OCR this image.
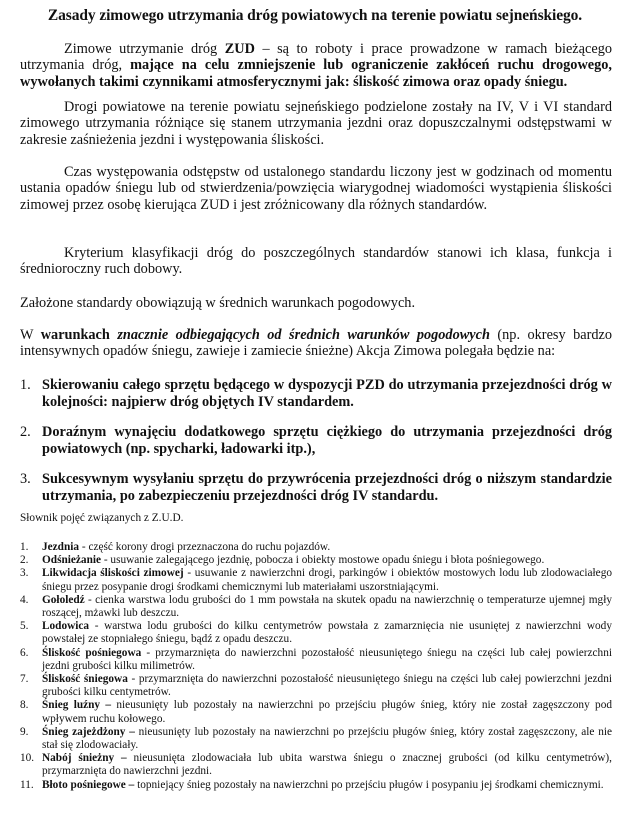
Zasady zimowego utrzymania dróg powiatowych na terenie powiatu sejneńskiego.
Zimowe utrzymanie dróg ZUD – są to roboty i prace prowadzone w ramach bieżącego utrzymania dróg, mające na celu zmniejszenie lub ograniczenie zakłóceń ruchu drogowego, wywołanych takimi czynnikami atmosferycznymi jak: śliskość zimowa oraz opady śniegu.
Drogi powiatowe na terenie powiatu sejneńskiego podzielone zostały na IV, V i VI standard zimowego utrzymania różniące się stanem utrzymania jezdni oraz dopuszczalnymi odstępstwami w zakresie zaśnieżenia jezdni i występowania śliskości.
Czas występowania odstępstw od ustalonego standardu liczony jest w godzinach od momentu ustania opadów śniegu lub od stwierdzenia/powzięcia wiarygodnej wiadomości wystąpienia śliskości zimowej przez osobę kierująca ZUD i jest zróżnicowany dla różnych standardów.
Kryterium klasyfikacji dróg do poszczególnych standardów stanowi ich klasa, funkcja i średnioroczny ruch dobowy.
Założone standardy obowiązują w średnich warunkach pogodowych.
W warunkach znacznie odbiegających od średnich warunków pogodowych (np. okresy bardzo intensywnych opadów śniegu, zawieje i zamiecie śnieżne) Akcja Zimowa polegała będzie na:
1. Skierowaniu całego sprzętu będącego w dyspozycji PZD do utrzymania przejezdności dróg w kolejności: najpierw dróg objętych IV standardem.
2. Doraźnym wynajęciu dodatkowego sprzętu ciężkiego do utrzymania przejezdności dróg powiatowych (np. spycharki, ładowarki itp.),
3. Sukcesywnym wysyłaniu sprzętu do przywrócenia przejezdności dróg o niższym standardzie utrzymania, po zabezpieczeniu przejezdności dróg IV standardu.
Słownik pojęć związanych z Z.U.D.
1. Jezdnia - część korony drogi przeznaczona do ruchu pojazdów.
2. Odśnieżanie - usuwanie zalegającego jezdnię, pobocza i obiekty mostowe opadu śniegu i błota pośniegowego.
3. Likwidacja śliskości zimowej - usuwanie z nawierzchni drogi, parkingów i obiektów mostowych lodu lub zlodowaciałego śniegu przez posypanie drogi środkami chemicznymi lub materiałami uszorstniającymi.
4. Gołoledź - cienka warstwa lodu grubości do 1 mm powstała na skutek opadu na nawierzchnię o temperaturze ujemnej mgły roszącej, mżawki lub deszczu.
5. Lodowica - warstwa lodu grubości do kilku centymetrów powstała z zamarznięcia nie usuniętej z nawierzchni wody powstałej ze stopniałego śniegu, bądź z opadu deszczu.
6. Śliskość pośniegowa - przymarznięta do nawierzchni pozostałość nieusuniętego śniegu na części lub całej powierzchni jezdni grubości kilku milimetrów.
7. Śliskość śniegowa - przymarznięta do nawierzchni pozostałość nieusuniętego śniegu na części lub całej powierzchni jezdni grubości kilku centymetrów.
8. Śnieg luźny – nieusunięty lub pozostały na nawierzchni po przejściu pługów śnieg, który nie został zagęszczony pod wpływem ruchu kołowego.
9. Śnieg zajeżdżony – nieusunięty lub pozostały na nawierzchni po przejściu pługów śnieg, który został zagęszczony, ale nie stał się zlodowaciały.
10. Nabój śnieżny – nieusunięta zlodowaciała lub ubita warstwa śniegu o znacznej grubości (od kilku centymetrów), przymarznięta do nawierzchni jezdni.
11. Błoto pośniegowe – topniejący śnieg pozostały na nawierzchni po przejściu pługów i posypaniu jej środkami chemicznymi.
